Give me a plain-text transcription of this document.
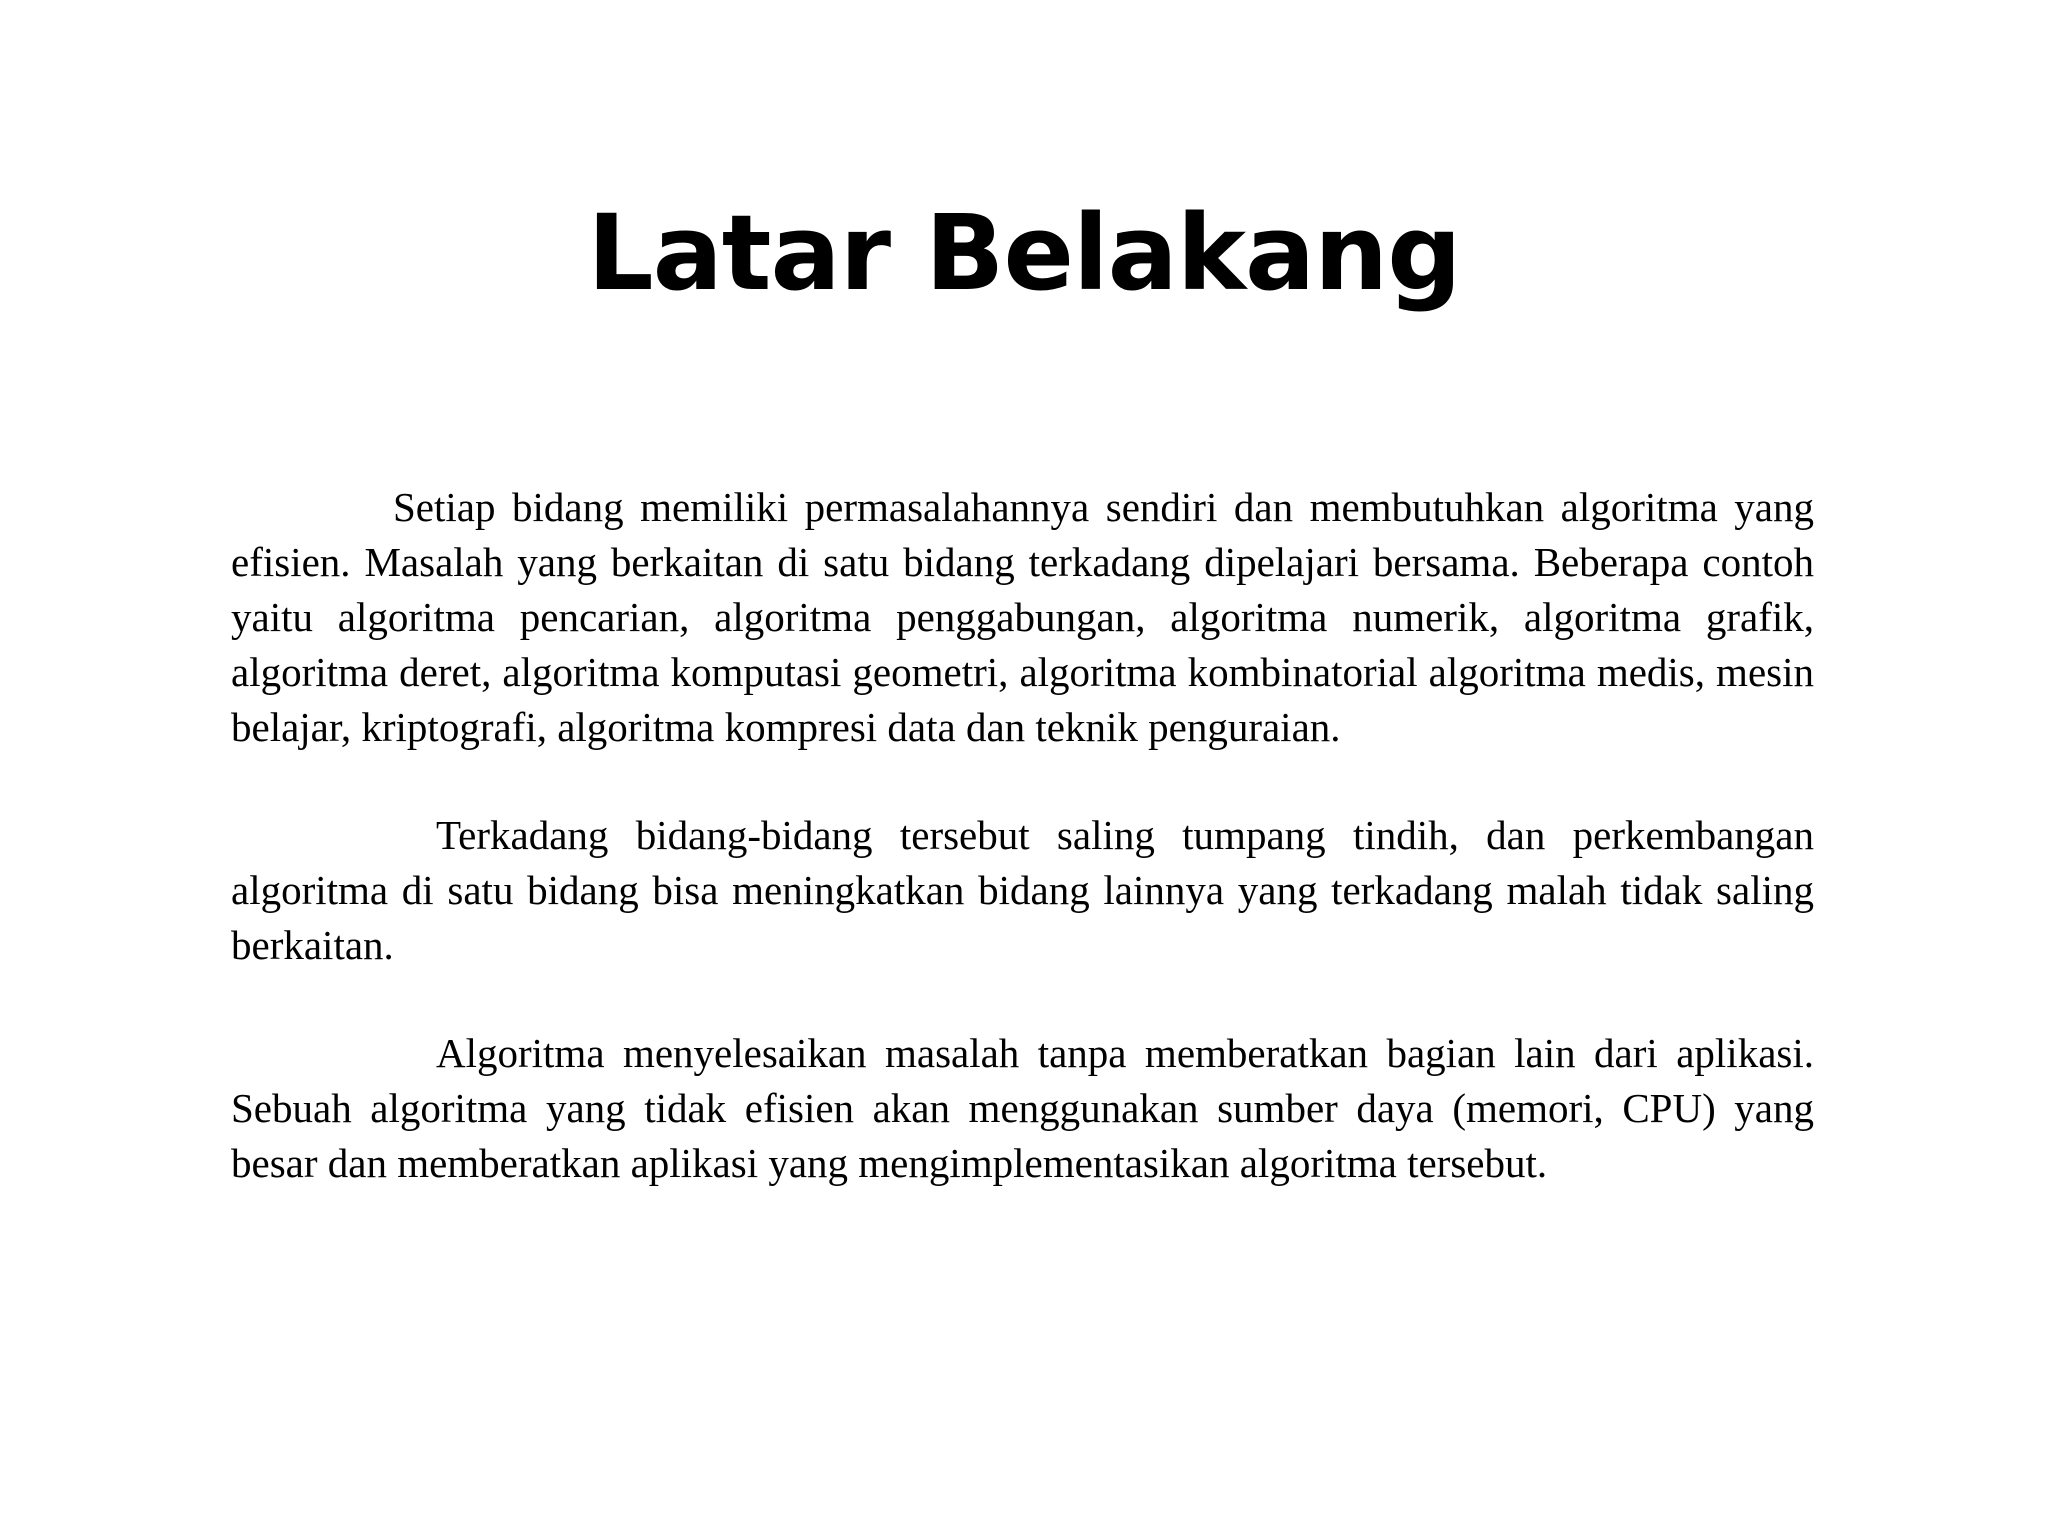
Latar Belakang

Setiap bidang memiliki permasalahannya sendiri dan membutuhkan algoritma yang efisien. Masalah yang berkaitan di satu bidang terkadang dipelajari bersama. Beberapa contoh yaitu algoritma pencarian, algoritma penggabungan, algoritma numerik, algoritma grafik, algoritma deret, algoritma komputasi geometri, algoritma kombinatorial algoritma medis, mesin belajar, kriptografi, algoritma kompresi data dan teknik penguraian.

Terkadang bidang-bidang tersebut saling tumpang tindih, dan perkembangan algoritma di satu bidang bisa meningkatkan bidang lainnya yang terkadang malah tidak saling berkaitan.

Algoritma menyelesaikan masalah tanpa memberatkan bagian lain dari aplikasi. Sebuah algoritma yang tidak efisien akan menggunakan sumber daya (memori, CPU) yang besar dan memberatkan aplikasi yang mengimplementasikan algoritma tersebut.
